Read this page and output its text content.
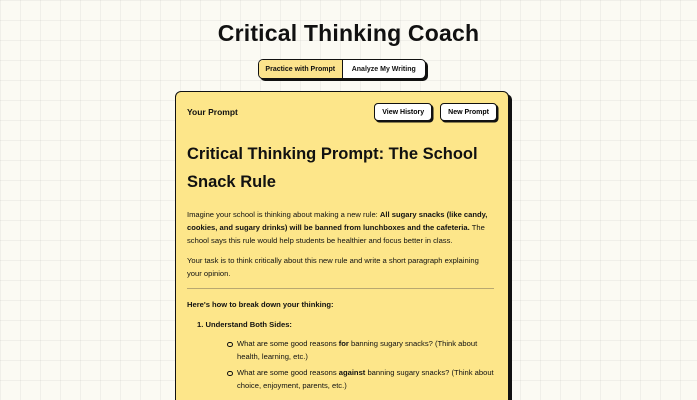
Critical Thinking Coach
Practice with Prompt	Analyze My Writing
Your Prompt	View History	New Prompt
Critical Thinking Prompt: The School Snack Rule

Imagine your school is thinking about making a new rule: All sugary snacks (like candy, cookies, and sugary drinks) will be banned from lunchboxes and the cafeteria. The school says this rule would help students be healthier and focus better in class.

Your task is to think critically about this new rule and write a short paragraph explaining your opinion.

Here's how to break down your thinking:

1. Understand Both Sides:
What are some good reasons for banning sugary snacks? (Think about health, learning, etc.)
What are some good reasons against banning sugary snacks? (Think about choice, enjoyment, parents, etc.)
